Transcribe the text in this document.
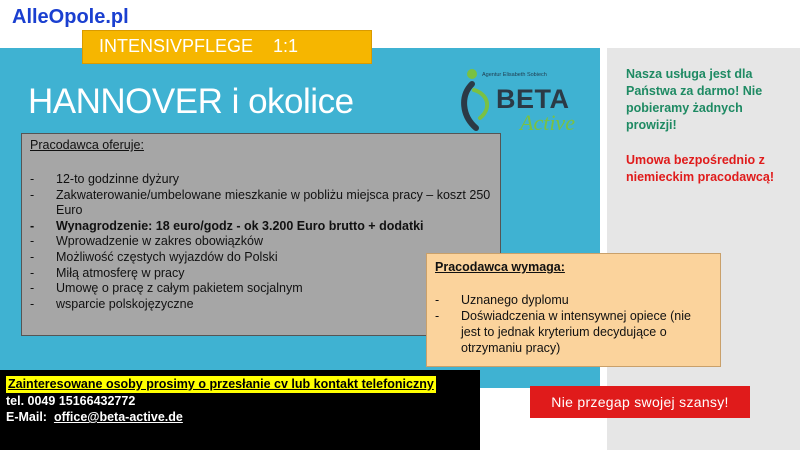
AlleOpole.pl
INTENSIVPFLEGE 1:1
HANNOVER i okolice
Agentur Elisabeth Sobiech
BETA
Active
Pracodawca oferuje:
- 12-to godzinne dyżury
- Zakwaterowanie/umbelowane mieszkanie w pobliżu miejsca pracy – koszt 250 Euro
- Wynagrodzenie: 18 euro/godz - ok 3.200 Euro brutto + dodatki
- Wprowadzenie w zakres obowiązków
- Możliwość częstych wyjazdów do Polski
- Miłą atmosferę w pracy
- Umowę o pracę z całym pakietem socjalnym
- wsparcie polskojęzyczne
Pracodawca wymaga:
- Uznanego dyplomu
- Doświadczenia w intensywnej opiece (nie jest to jednak kryterium decydujące o otrzymaniu pracy)
Nasza usługa jest dla Państwa za darmo! Nie pobieramy żadnych prowizji!
Umowa bezpośrednio z niemieckim pracodawcą!
Zainteresowane osoby prosimy o przesłanie cv lub kontakt telefoniczny
tel. 0049 15166432772
E-Mail: office@beta-active.de
Nie przegap swojej szansy!
